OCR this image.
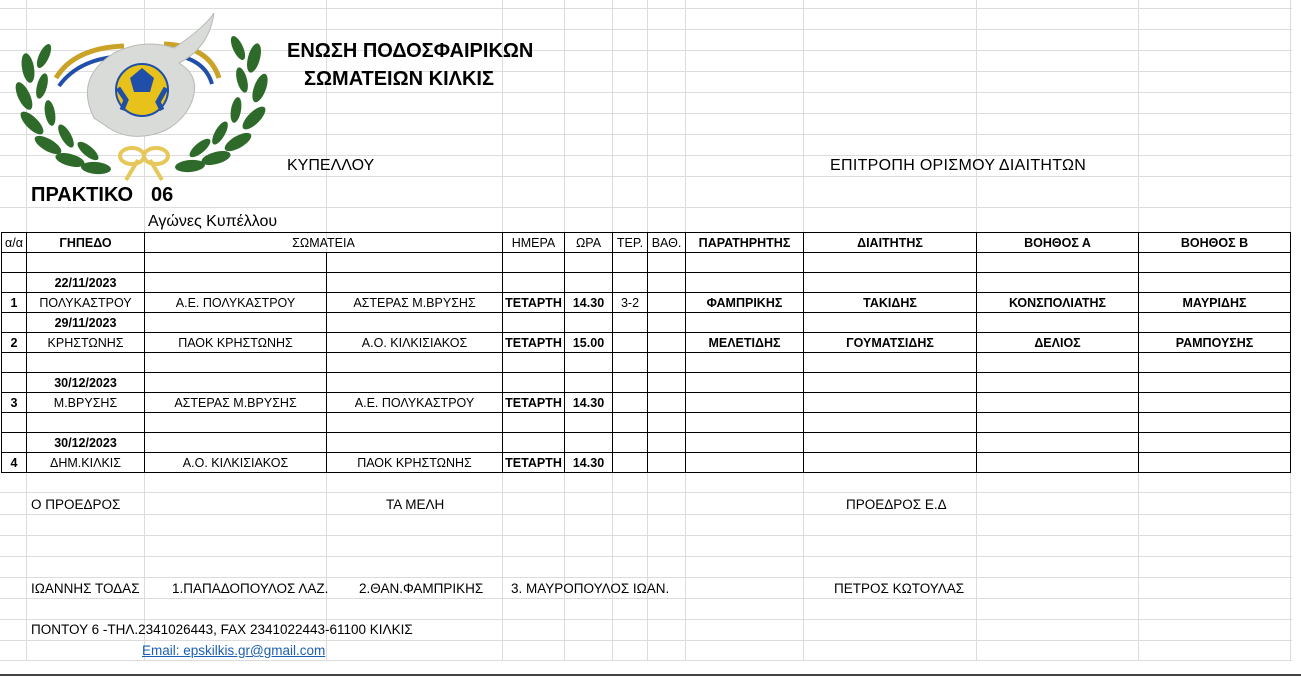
ΕΝΩΣΗ ΠΟΔΟΣΦΑΙΡΙΚΩΝ
ΣΩΜΑΤΕΙΩΝ ΚΙΛΚΙΣ
ΚΥΠΕΛΛΟΥ	ΕΠΙΤΡΟΠΗ ΟΡΙΣΜΟΥ ΔΙΑΙΤΗΤΩΝ
ΠΡΑΚΤΙΚΟ 06
Αγώνες Κυπέλλου
α/α	ΓΗΠΕΔΟ	ΣΩΜΑΤΕΙΑ		ΗΜΕΡΑ	ΩΡΑ	ΤΕΡ.	ΒΑΘ.	ΠΑΡΑΤΗΡΗΤΗΣ	ΔΙΑΙΤΗΤΗΣ	ΒΟΗΘΟΣ Α	ΒΟΗΘΟΣ Β

	22/11/2023										
1	ΠΟΛΥΚΑΣΤΡΟΥ	Α.Ε. ΠΟΛΥΚΑΣΤΡΟΥ	ΑΣΤΕΡΑΣ Μ.ΒΡΥΣΗΣ	ΤΕΤΑΡΤΗ	14.30	3-2		ΦΑΜΠΡΙΚΗΣ	ΤΑΚΙΔΗΣ	ΚΟΝΣΠΟΛΙΑΤΗΣ	ΜΑΥΡΙΔΗΣ
	29/11/2023										
2	ΚΡΗΣΤΩΝΗΣ	ΠΑΟΚ ΚΡΗΣΤΩΝΗΣ	Α.Ο. ΚΙΛΚΙΣΙΑΚΟΣ	ΤΕΤΑΡΤΗ	15.00			ΜΕΛΕΤΙΔΗΣ	ΓΟΥΜΑΤΣΙΔΗΣ	ΔΕΛΙΟΣ	ΡΑΜΠΟΥΣΗΣ

	30/12/2023										
3	Μ.ΒΡΥΣΗΣ	ΑΣΤΕΡΑΣ Μ.ΒΡΥΣΗΣ	Α.Ε. ΠΟΛΥΚΑΣΤΡΟΥ	ΤΕΤΑΡΤΗ	14.30						

	30/12/2023										
4	ΔΗΜ.ΚΙΛΚΙΣ	Α.Ο. ΚΙΛΚΙΣΙΑΚΟΣ	ΠΑΟΚ ΚΡΗΣΤΩΝΗΣ	ΤΕΤΑΡΤΗ	14.30						
Ο ΠΡΟΕΔΡΟΣ	ΤΑ ΜΕΛΗ	ΠΡΟΕΔΡΟΣ Ε.Δ
ΙΩΑΝΝΗΣ ΤΟΔΑΣ 1.ΠΑΠΑΔΟΠΟΥΛΟΣ ΛΑΖ. 2.ΘΑΝ.ΦΑΜΠΡΙΚΗΣ 3. ΜΑΥΡΟΠΟΥΛΟΣ ΙΩΑΝ.	ΠΕΤΡΟΣ ΚΩΤΟΥΛΑΣ
ΠΟΝΤΟΥ 6 -ΤΗΛ.2341026443, FAX 2341022443-61100 ΚΙΛΚΙΣ
Email: epskilkis.gr@gmail.com
